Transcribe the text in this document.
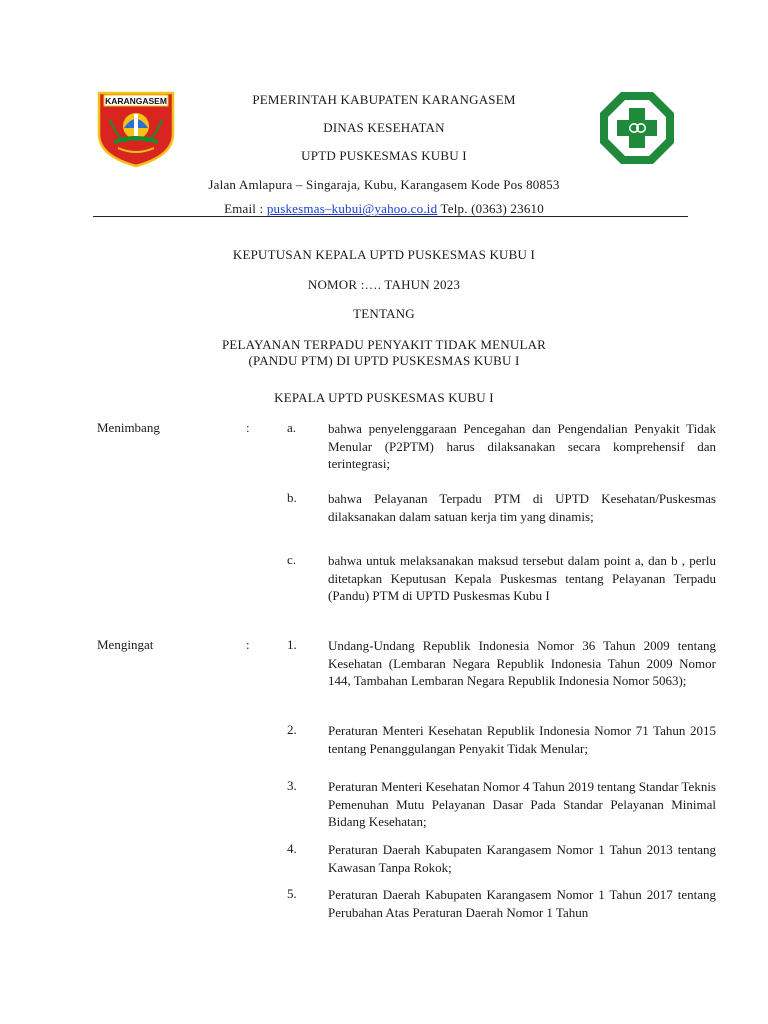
KARANGASEM	PEMERINTAH KABUPATEN KARANGASEM
DINAS KESEHATAN
UPTD PUSKESMAS KUBU I
Jalan Amlapura – Singaraja, Kubu, Karangasem Kode Pos 80853
Email : puskesmas–kubui@yahoo.co.id Telp. (0363) 23610
KEPUTUSAN KEPALA UPTD PUSKESMAS KUBU I
NOMOR :…. TAHUN 2023
TENTANG
PELAYANAN TERPADU PENYAKIT TIDAK MENULAR
(PANDU PTM) DI UPTD PUSKESMAS KUBU I
KEPALA UPTD PUSKESMAS KUBU I
Menimbang	:	a. bahwa penyelenggaraan Pencegahan dan Pengendalian Penyakit Tidak Menular (P2PTM) harus dilaksanakan secara komprehensif dan terintegrasi;
b. bahwa Pelayanan Terpadu PTM di UPTD Kesehatan/Puskesmas dilaksanakan dalam satuan kerja tim yang dinamis;
c. bahwa untuk melaksanakan maksud tersebut dalam point a, dan b , perlu ditetapkan Keputusan Kepala Puskesmas tentang Pelayanan Terpadu (Pandu) PTM di UPTD Puskesmas Kubu I
Mengingat	:	1. Undang-Undang Republik Indonesia Nomor 36 Tahun 2009 tentang Kesehatan (Lembaran Negara Republik Indonesia Tahun 2009 Nomor 144, Tambahan Lembaran Negara Republik Indonesia Nomor 5063);
2. Peraturan Menteri Kesehatan Republik Indonesia Nomor 71 Tahun 2015 tentang Penanggulangan Penyakit Tidak Menular;
3. Peraturan Menteri Kesehatan Nomor 4 Tahun 2019 tentang Standar Teknis Pemenuhan Mutu Pelayanan Dasar Pada Standar Pelayanan Minimal Bidang Kesehatan;
4. Peraturan Daerah Kabupaten Karangasem Nomor 1 Tahun 2013 tentang Kawasan Tanpa Rokok;
5. Peraturan Daerah Kabupaten Karangasem Nomor 1 Tahun 2017 tentang Perubahan Atas Peraturan Daerah Nomor 1 Tahun
